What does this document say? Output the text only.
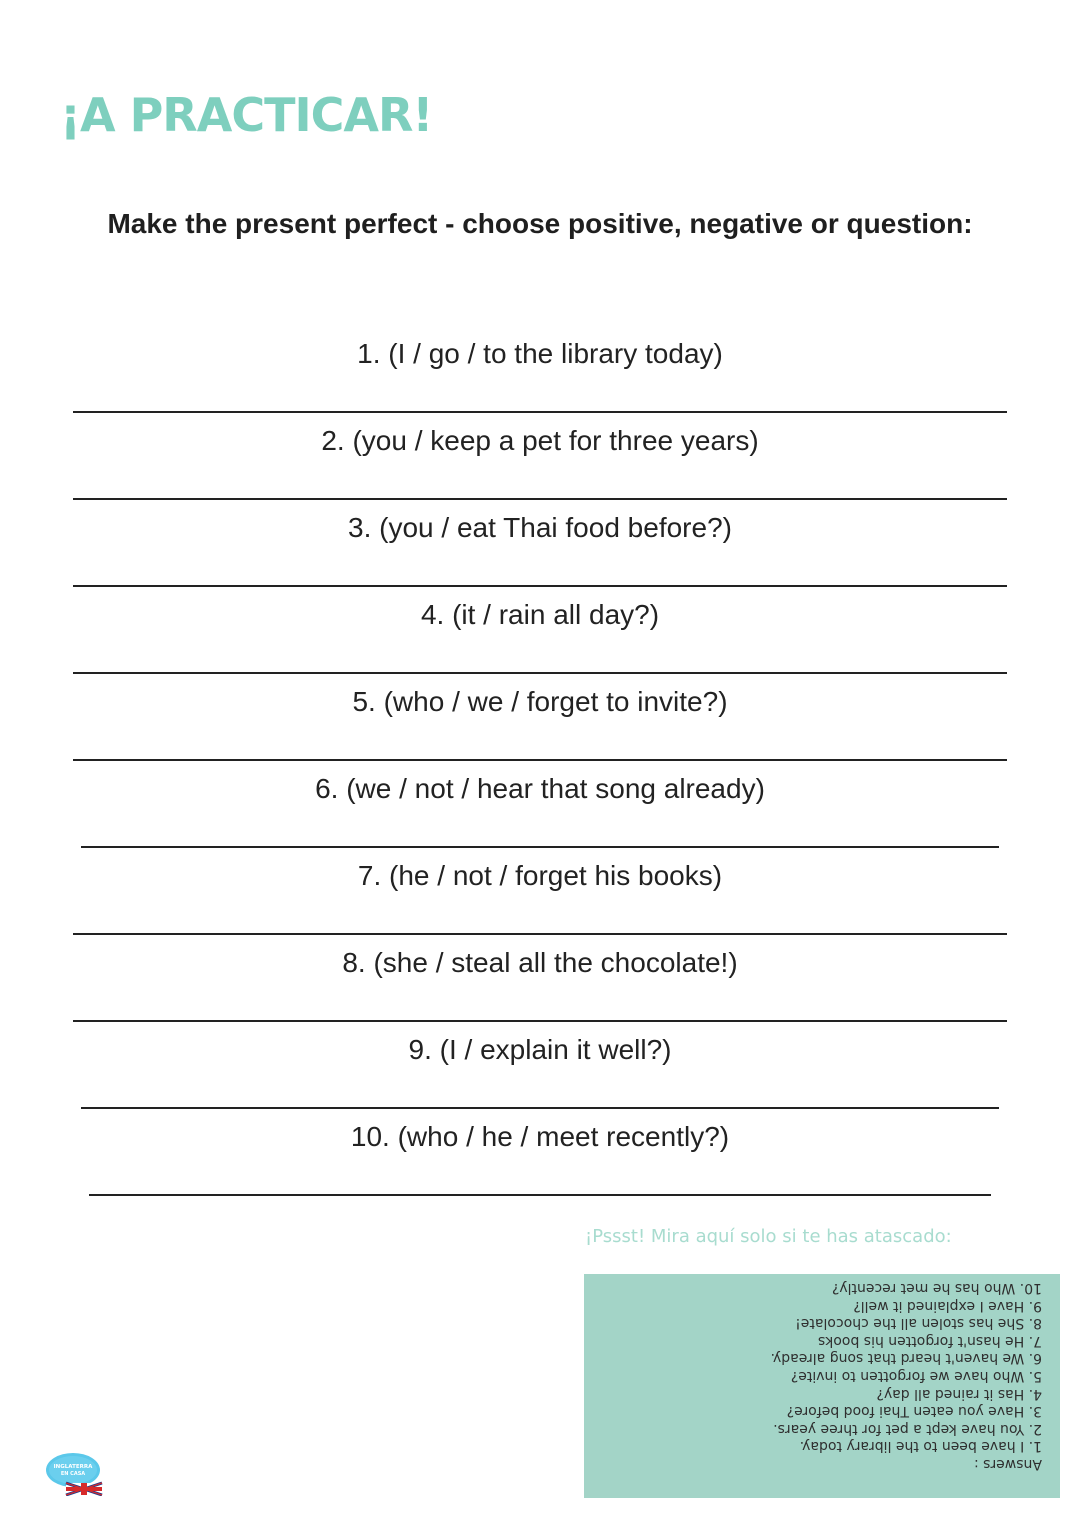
¡A PRACTICAR!

Make the present perfect - choose positive, negative or question:

1. (I / go / to the library today)
2. (you / keep a pet for three years)
3. (you / eat Thai food before?)
4. (it / rain all day?)
5. (who / we / forget to invite?)
6. (we / not / hear that song already)
7. (he / not / forget his books)
8. (she / steal all the chocolate!)
9. (I / explain it well?)
10. (who / he / meet recently?)
¡Pssst! Mira aquí solo si te has atascado:
Answers :
1. I have been to the library today.
2. You have kept a pet for three years.
3. Have you eaten Thai food before?
4. Has it rained all day?
5. Who have we forgotten to invite?
6. We haven't heard that song already.
7. He hasn't forgotten his books
8. She has stolen all the chocolate!
9. Have I explained it well?
10. Who has he met recently?
INGLATERRA
EN CASA
